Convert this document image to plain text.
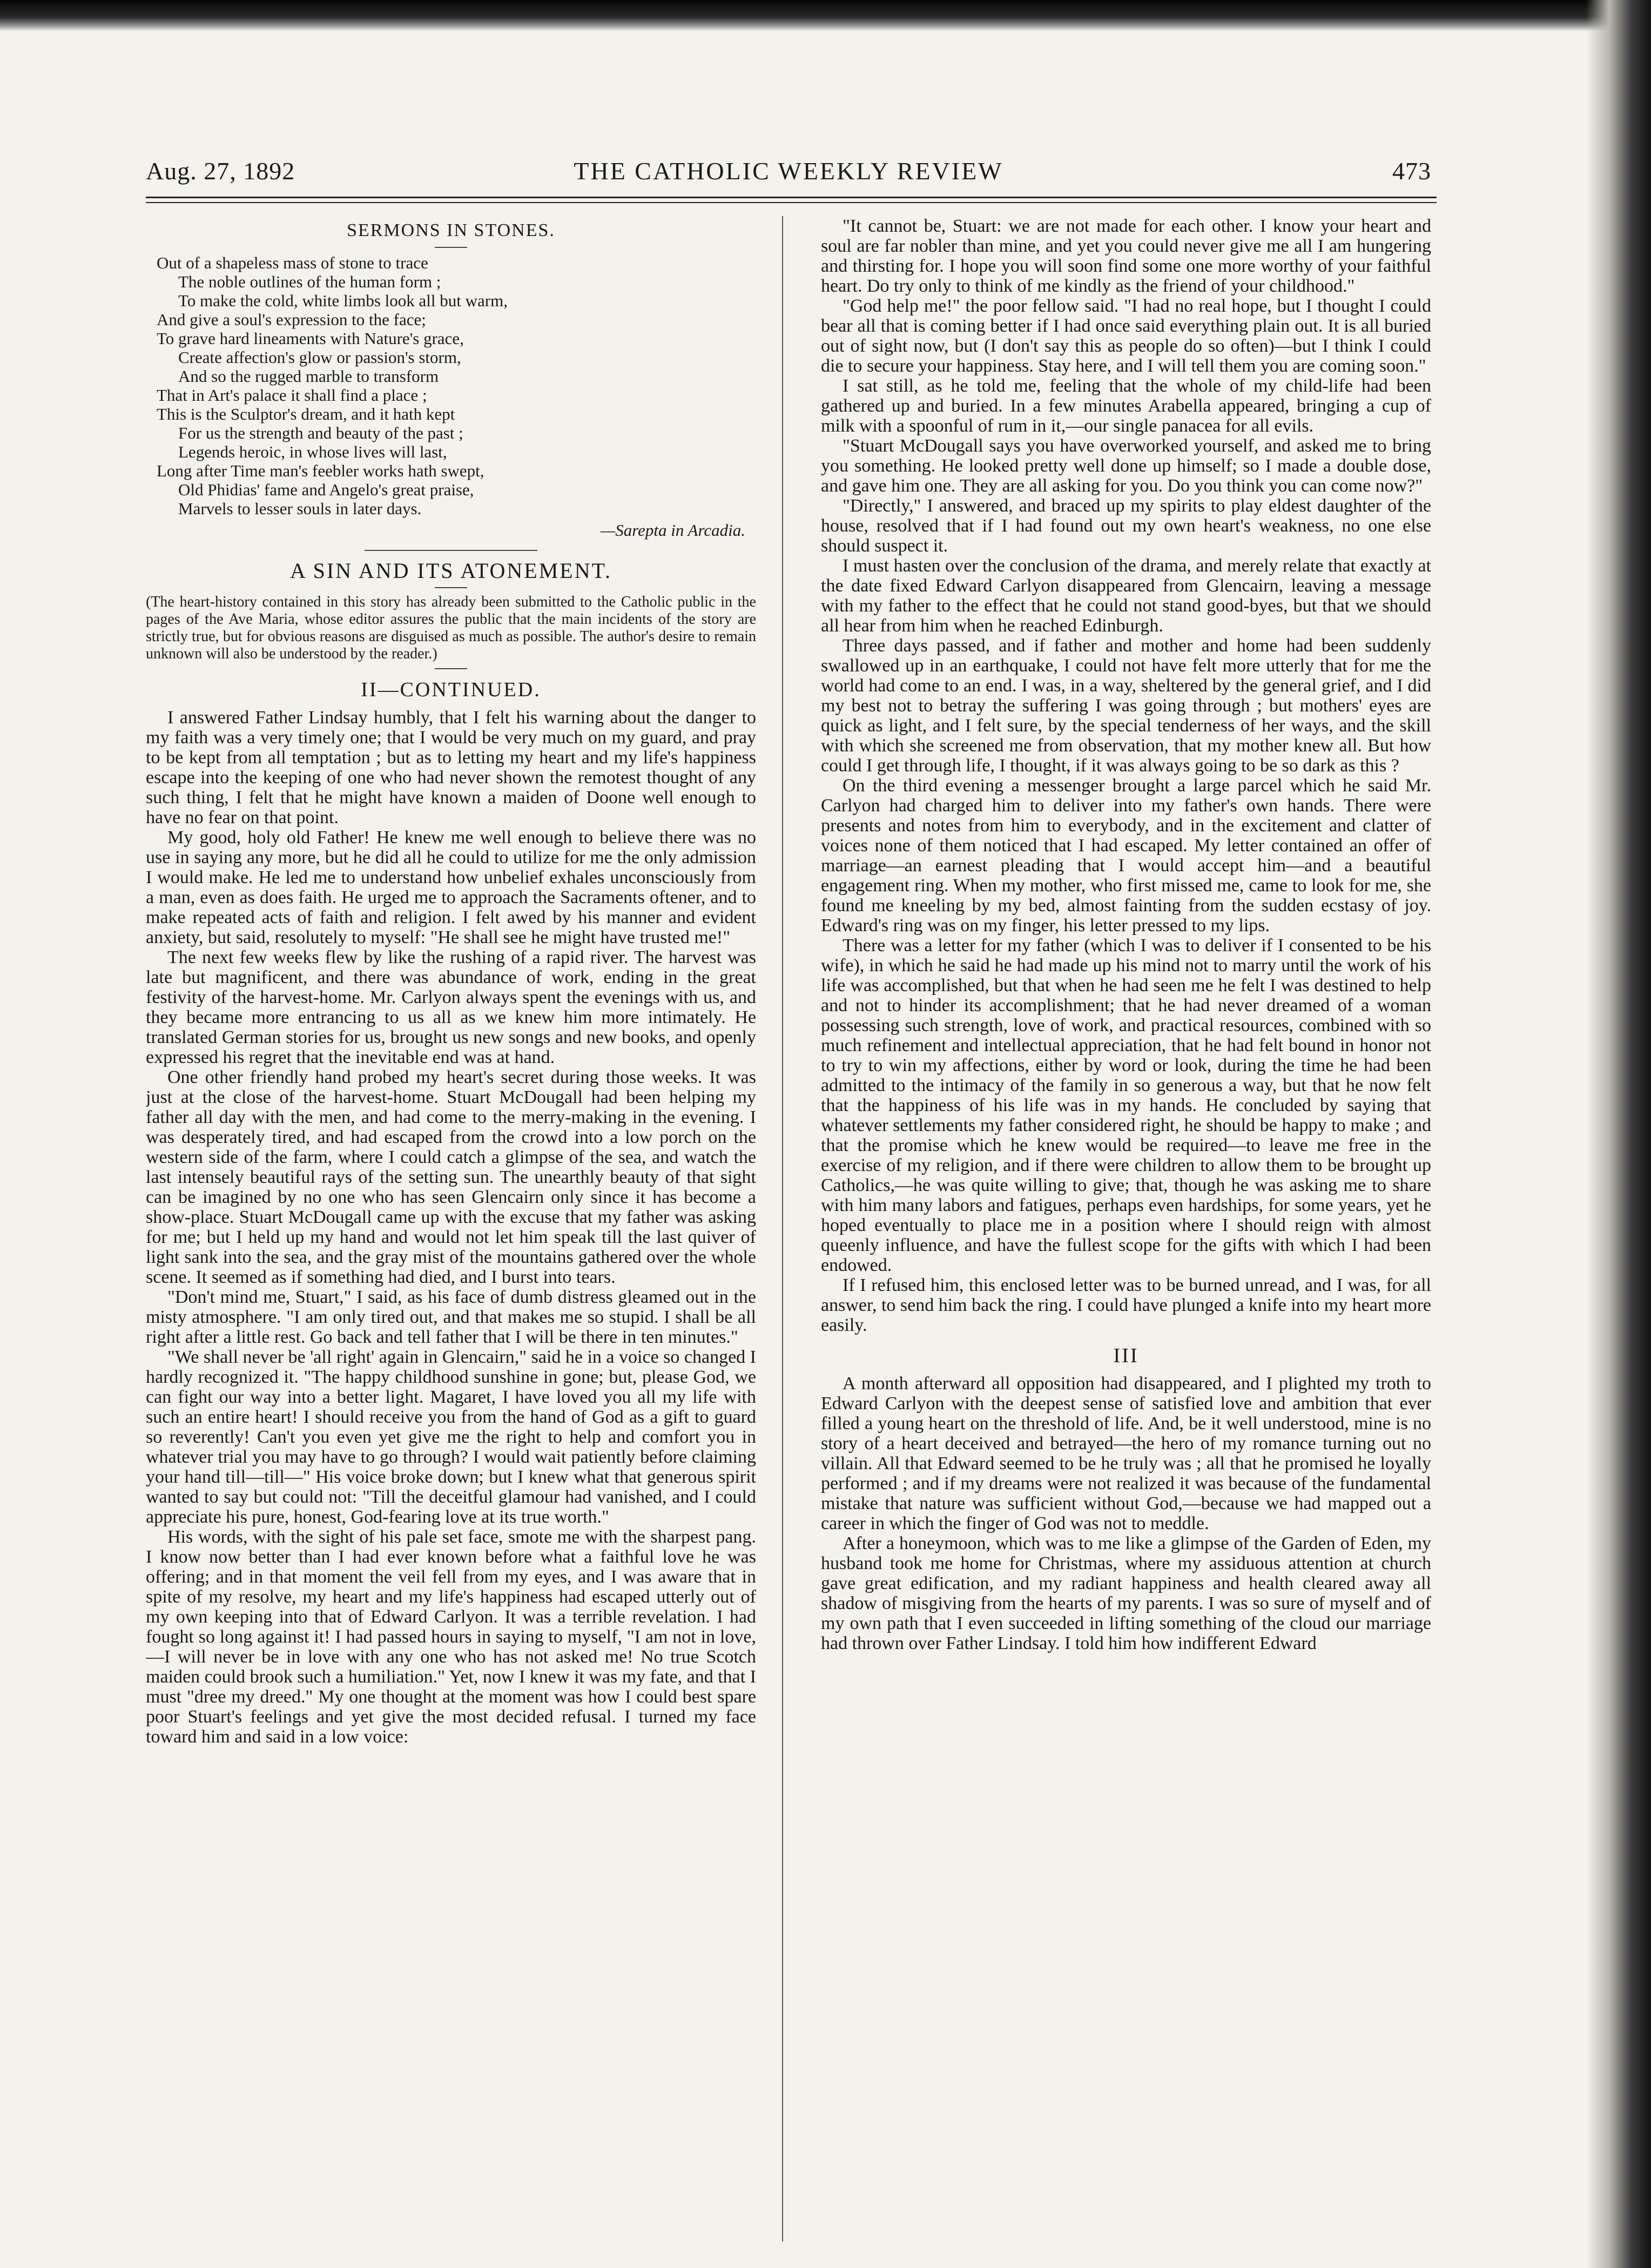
Aug. 27, 1892	THE CATHOLIC WEEKLY REVIEW	473
SERMONS IN STONES.
Out of a shapeless mass of stone to trace
The noble outlines of the human form ;
To make the cold, white limbs look all but warm,
And give a soul's expression to the face;
To grave hard lineaments with Nature's grace,
Create affection's glow or passion's storm,
And so the rugged marble to transform
That in Art's palace it shall find a place ;
This is the Sculptor's dream, and it hath kept
For us the strength and beauty of the past ;
Legends heroic, in whose lives will last,
Long after Time man's feebler works hath swept,
Old Phidias' fame and Angelo's great praise,
Marvels to lesser souls in later days.
—Sarepta in Arcadia.
A SIN AND ITS ATONEMENT.
(The heart-history contained in this story has already been submitted to the Catholic public in the pages of the Ave Maria, whose editor assures the public that the main incidents of the story are strictly true, but for obvious reasons are disguised as much as possible. The author's desire to remain unknown will also be understood by the reader.)
II—CONTINUED.

I answered Father Lindsay humbly, that I felt his warning about the danger to my faith was a very timely one; that I would be very much on my guard, and pray to be kept from all temptation ; but as to letting my heart and my life's happiness escape into the keeping of one who had never shown the remotest thought of any such thing, I felt that he might have known a maiden of Doone well enough to have no fear on that point.

My good, holy old Father! He knew me well enough to believe there was no use in saying any more, but he did all he could to utilize for me the only admission I would make. He led me to understand how unbelief exhales unconsciously from a man, even as does faith. He urged me to approach the Sacraments oftener, and to make repeated acts of faith and religion. I felt awed by his manner and evident anxiety, but said, resolutely to myself: "He shall see he might have trusted me!"

The next few weeks flew by like the rushing of a rapid river. The harvest was late but magnificent, and there was abundance of work, ending in the great festivity of the harvest-home. Mr. Carlyon always spent the evenings with us, and they became more entrancing to us all as we knew him more intimately. He translated German stories for us, brought us new songs and new books, and openly expressed his regret that the inevitable end was at hand.

One other friendly hand probed my heart's secret during those weeks. It was just at the close of the harvest-home. Stuart McDougall had been helping my father all day with the men, and had come to the merry-making in the evening. I was desperately tired, and had escaped from the crowd into a low porch on the western side of the farm, where I could catch a glimpse of the sea, and watch the last intensely beautiful rays of the setting sun. The unearthly beauty of that sight can be imagined by no one who has seen Glencairn only since it has become a show-place. Stuart McDougall came up with the excuse that my father was asking for me; but I held up my hand and would not let him speak till the last quiver of light sank into the sea, and the gray mist of the mountains gathered over the whole scene. It seemed as if something had died, and I burst into tears.

"Don't mind me, Stuart," I said, as his face of dumb distress gleamed out in the misty atmosphere. "I am only tired out, and that makes me so stupid. I shall be all right after a little rest. Go back and tell father that I will be there in ten minutes."

"We shall never be 'all right' again in Glencairn," said he in a voice so changed I hardly recognized it. "The happy childhood sunshine in gone; but, please God, we can fight our way into a better light. Magaret, I have loved you all my life with such an entire heart! I should receive you from the hand of God as a gift to guard so reverently! Can't you even yet give me the right to help and comfort you in whatever trial you may have to go through? I would wait patiently before claiming your hand till—till—" His voice broke down; but I knew what that generous spirit wanted to say but could not: "Till the deceitful glamour had vanished, and I could appreciate his pure, honest, God-fearing love at its true worth."

His words, with the sight of his pale set face, smote me with the sharpest pang. I know now better than I had ever known before what a faithful love he was offering; and in that moment the veil fell from my eyes, and I was aware that in spite of my resolve, my heart and my life's happiness had escaped utterly out of my own keeping into that of Edward Carlyon. It was a terrible revelation. I had fought so long against it! I had passed hours in saying to myself, "I am not in love,—I will never be in love with any one who has not asked me! No true Scotch maiden could brook such a humiliation." Yet, now I knew it was my fate, and that I must "dree my dreed." My one thought at the moment was how I could best spare poor Stuart's feelings and yet give the most decided refusal. I turned my face toward him and said in a low voice:

"It cannot be, Stuart: we are not made for each other. I know your heart and soul are far nobler than mine, and yet you could never give me all I am hungering and thirsting for. I hope you will soon find some one more worthy of your faithful heart. Do try only to think of me kindly as the friend of your childhood."

"God help me!" the poor fellow said. "I had no real hope, but I thought I could bear all that is coming better if I had once said everything plain out. It is all buried out of sight now, but (I don't say this as people do so often)—but I think I could die to secure your happiness. Stay here, and I will tell them you are coming soon."

I sat still, as he told me, feeling that the whole of my child-life had been gathered up and buried. In a few minutes Arabella appeared, bringing a cup of milk with a spoonful of rum in it,—our single panacea for all evils.

"Stuart McDougall says you have overworked yourself, and asked me to bring you something. He looked pretty well done up himself; so I made a double dose, and gave him one. They are all asking for you. Do you think you can come now?"

"Directly," I answered, and braced up my spirits to play eldest daughter of the house, resolved that if I had found out my own heart's weakness, no one else should suspect it.

I must hasten over the conclusion of the drama, and merely relate that exactly at the date fixed Edward Carlyon disappeared from Glencairn, leaving a message with my father to the effect that he could not stand good-byes, but that we should all hear from him when he reached Edinburgh.

Three days passed, and if father and mother and home had been suddenly swallowed up in an earthquake, I could not have felt more utterly that for me the world had come to an end. I was, in a way, sheltered by the general grief, and I did my best not to betray the suffering I was going through ; but mothers' eyes are quick as light, and I felt sure, by the special tenderness of her ways, and the skill with which she screened me from observation, that my mother knew all. But how could I get through life, I thought, if it was always going to be so dark as this ?

On the third evening a messenger brought a large parcel which he said Mr. Carlyon had charged him to deliver into my father's own hands. There were presents and notes from him to everybody, and in the excitement and clatter of voices none of them noticed that I had escaped. My letter contained an offer of marriage—an earnest pleading that I would accept him—and a beautiful engagement ring. When my mother, who first missed me, came to look for me, she found me kneeling by my bed, almost fainting from the sudden ecstasy of joy. Edward's ring was on my finger, his letter pressed to my lips.

There was a letter for my father (which I was to deliver if I consented to be his wife), in which he said he had made up his mind not to marry until the work of his life was accomplished, but that when he had seen me he felt I was destined to help and not to hinder its accomplishment; that he had never dreamed of a woman possessing such strength, love of work, and practical resources, combined with so much refinement and intellectual appreciation, that he had felt bound in honor not to try to win my affections, either by word or look, during the time he had been admitted to the intimacy of the family in so generous a way, but that he now felt that the happiness of his life was in my hands. He concluded by saying that whatever settlements my father considered right, he should be happy to make ; and that the promise which he knew would be required—to leave me free in the exercise of my religion, and if there were children to allow them to be brought up Catholics,—he was quite willing to give; that, though he was asking me to share with him many labors and fatigues, perhaps even hardships, for some years, yet he hoped eventually to place me in a position where I should reign with almost queenly influence, and have the fullest scope for the gifts with which I had been endowed.

If I refused him, this enclosed letter was to be burned unread, and I was, for all answer, to send him back the ring. I could have plunged a knife into my heart more easily.

III

A month afterward all opposition had disappeared, and I plighted my troth to Edward Carlyon with the deepest sense of satisfied love and ambition that ever filled a young heart on the threshold of life. And, be it well understood, mine is no story of a heart deceived and betrayed—the hero of my romance turning out no villain. All that Edward seemed to be he truly was ; all that he promised he loyally performed ; and if my dreams were not realized it was because of the fundamental mistake that nature was sufficient without God,—because we had mapped out a career in which the finger of God was not to meddle.

After a honeymoon, which was to me like a glimpse of the Garden of Eden, my husband took me home for Christmas, where my assiduous attention at church gave great edification, and my radiant happiness and health cleared away all shadow of misgiving from the hearts of my parents. I was so sure of myself and of my own path that I even succeeded in lifting something of the cloud our marriage had thrown over Father Lindsay. I told him how indifferent Edward
